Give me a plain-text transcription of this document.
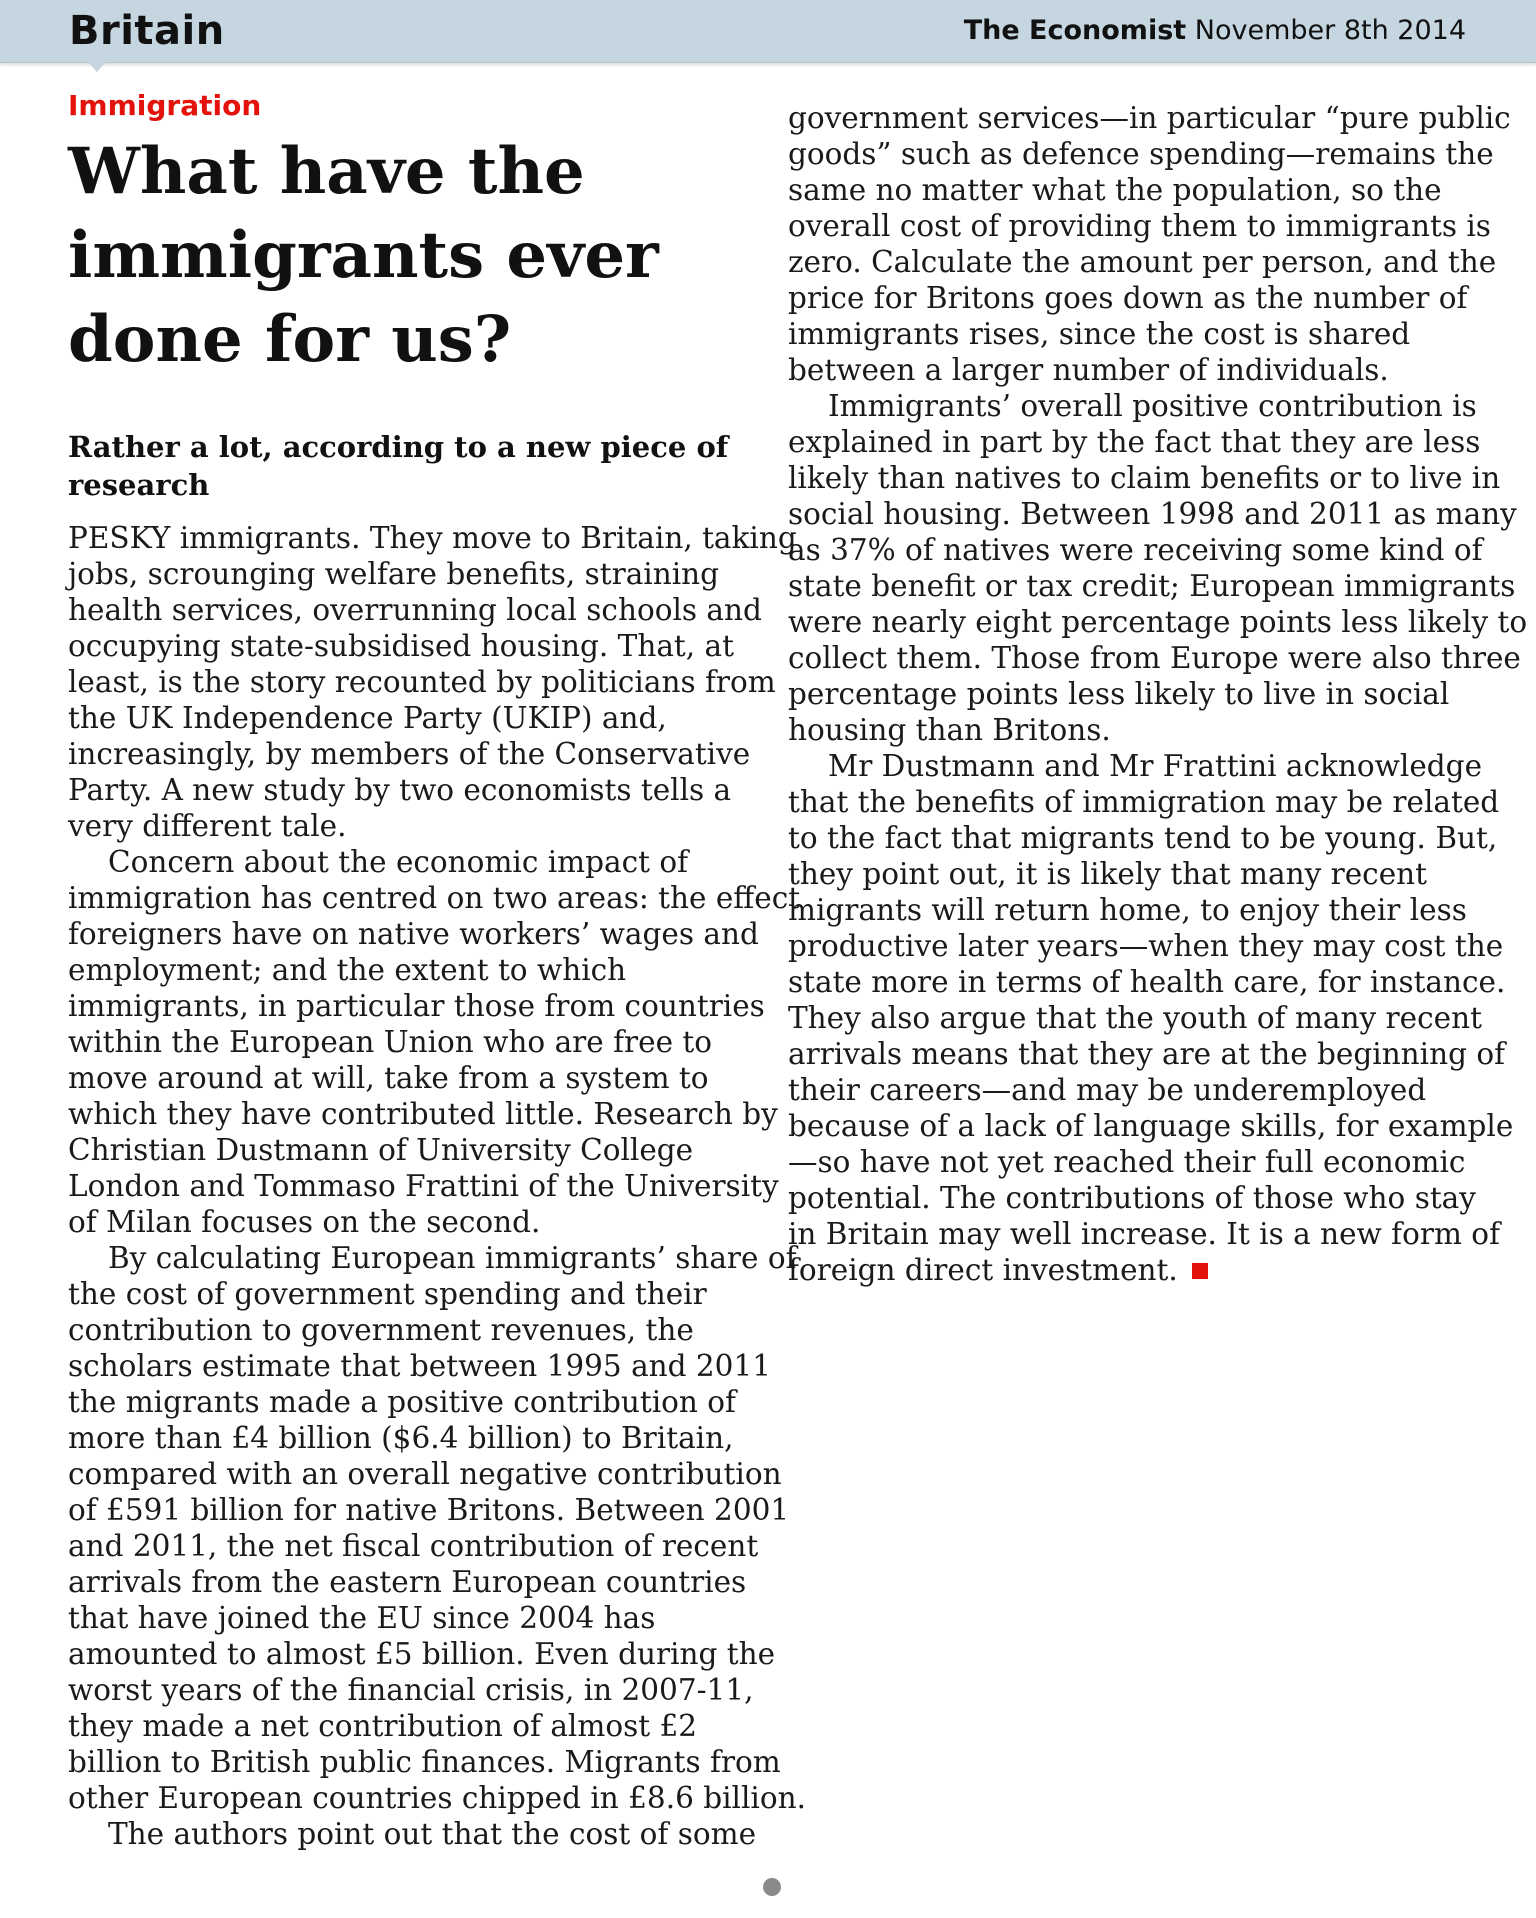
Britain	The Economist November 8th 2014
Immigration
What have the
immigrants ever
done for us?
Rather a lot, according to a new piece of
research
PESKY immigrants. They move to Britain, taking
jobs, scrounging welfare benefits, straining
health services, overrunning local schools and
occupying state-subsidised housing. That, at
least, is the story recounted by politicians from
the UK Independence Party (UKIP) and,
increasingly, by members of the Conservative
Party. A new study by two economists tells a
very different tale.
Concern about the economic impact of
immigration has centred on two areas: the effect
foreigners have on native workers’ wages and
employment; and the extent to which
immigrants, in particular those from countries
within the European Union who are free to
move around at will, take from a system to
which they have contributed little. Research by
Christian Dustmann of University College
London and Tommaso Frattini of the University
of Milan focuses on the second.
By calculating European immigrants’ share of
the cost of government spending and their
contribution to government revenues, the
scholars estimate that between 1995 and 2011
the migrants made a positive contribution of
more than £4 billion ($6.4 billion) to Britain,
compared with an overall negative contribution
of £591 billion for native Britons. Between 2001
and 2011, the net fiscal contribution of recent
arrivals from the eastern European countries
that have joined the EU since 2004 has
amounted to almost £5 billion. Even during the
worst years of the financial crisis, in 2007-11,
they made a net contribution of almost £2
billion to British public finances. Migrants from
other European countries chipped in £8.6 billion.
The authors point out that the cost of some
government services—in particular “pure public
goods” such as defence spending—remains the
same no matter what the population, so the
overall cost of providing them to immigrants is
zero. Calculate the amount per person, and the
price for Britons goes down as the number of
immigrants rises, since the cost is shared
between a larger number of individuals.
Immigrants’ overall positive contribution is
explained in part by the fact that they are less
likely than natives to claim benefits or to live in
social housing. Between 1998 and 2011 as many
as 37% of natives were receiving some kind of
state benefit or tax credit; European immigrants
were nearly eight percentage points less likely to
collect them. Those from Europe were also three
percentage points less likely to live in social
housing than Britons.
Mr Dustmann and Mr Frattini acknowledge
that the benefits of immigration may be related
to the fact that migrants tend to be young. But,
they point out, it is likely that many recent
migrants will return home, to enjoy their less
productive later years—when they may cost the
state more in terms of health care, for instance.
They also argue that the youth of many recent
arrivals means that they are at the beginning of
their careers—and may be underemployed
because of a lack of language skills, for example
—so have not yet reached their full economic
potential. The contributions of those who stay
in Britain may well increase. It is a new form of
foreign direct investment.
